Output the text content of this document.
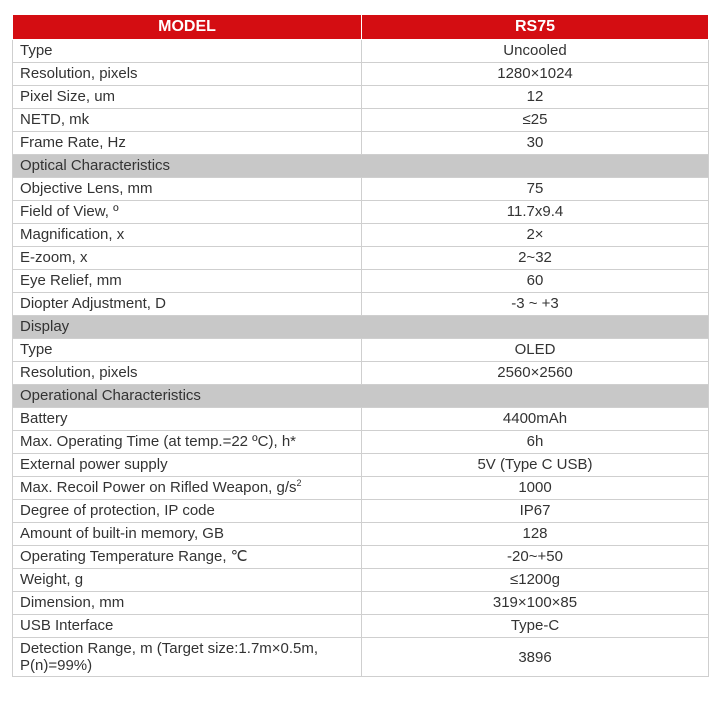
MODEL	RS75
Type	Uncooled
Resolution, pixels	1280×1024
Pixel Size, um	12
NETD, mk	≤25
Frame Rate, Hz	30
Optical Characteristics	
Objective Lens, mm	75
Field of View, º	11.7x9.4
Magnification, x	2×
E-zoom, x	2~32
Eye Relief, mm	60
Diopter Adjustment, D	-3 ~ +3
Display	
Type	OLED
Resolution, pixels	2560×2560
Operational Characteristics	
Battery	4400mAh
Max. Operating Time (at temp.=22 ºC), h*	6h
External power supply	5V (Type C USB)
Max. Recoil Power on Rifled Weapon, $g/s^2$	1000
Degree of protection, IP code	IP67
Amount of built-in memory, GB	128
Operating Temperature Range, ℃	-20~+50
Weight, g	≤1200g
Dimension, mm	319×100×85
USB Interface	Type-C
Detection Range, m (Target size:1.7m×0.5m, P(n)=99%)	3896
